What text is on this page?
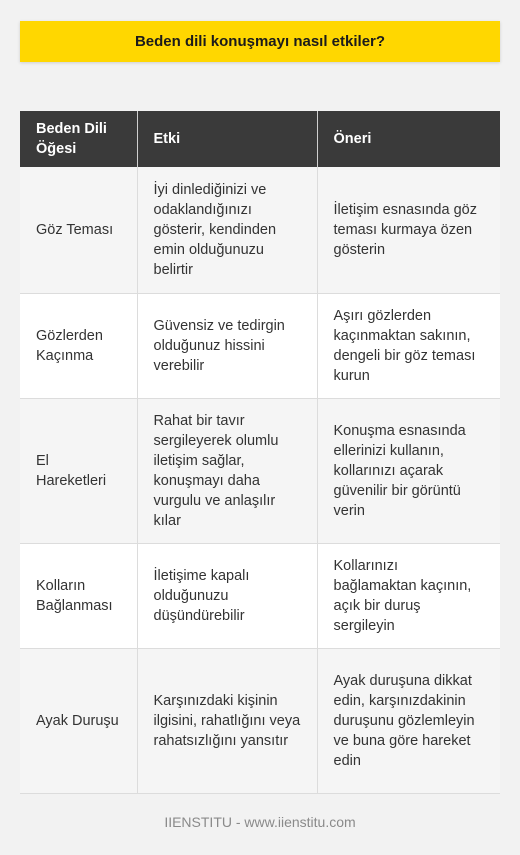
Beden dili konuşmayı nasıl etkiler?
Beden Dili Öğesi	Etki	Öneri
Göz Teması	İyi dinlediğinizi ve odaklandığınızı gösterir, kendinden emin olduğunuzu belirtir	İletişim esnasında göz teması kurmaya özen gösterin
Gözlerden Kaçınma	Güvensiz ve tedirgin olduğunuz hissini verebilir	Aşırı gözlerden kaçınmaktan sakının, dengeli bir göz teması kurun
El Hareketleri	Rahat bir tavır sergileyerek olumlu iletişim sağlar, konuşmayı daha vurgulu ve anlaşılır kılar	Konuşma esnasında ellerinizi kullanın, kollarınızı açarak güvenilir bir görüntü verin
Kolların Bağlanması	İletişime kapalı olduğunuzu düşündürebilir	Kollarınızı bağlamaktan kaçının, açık bir duruş sergileyin
Ayak Duruşu	Karşınızdaki kişinin ilgisini, rahatlığını veya rahatsızlığını yansıtır	Ayak duruşuna dikkat edin, karşınızdakinin duruşunu gözlemleyin ve buna göre hareket edin
IIENSTITU - www.iienstitu.com
